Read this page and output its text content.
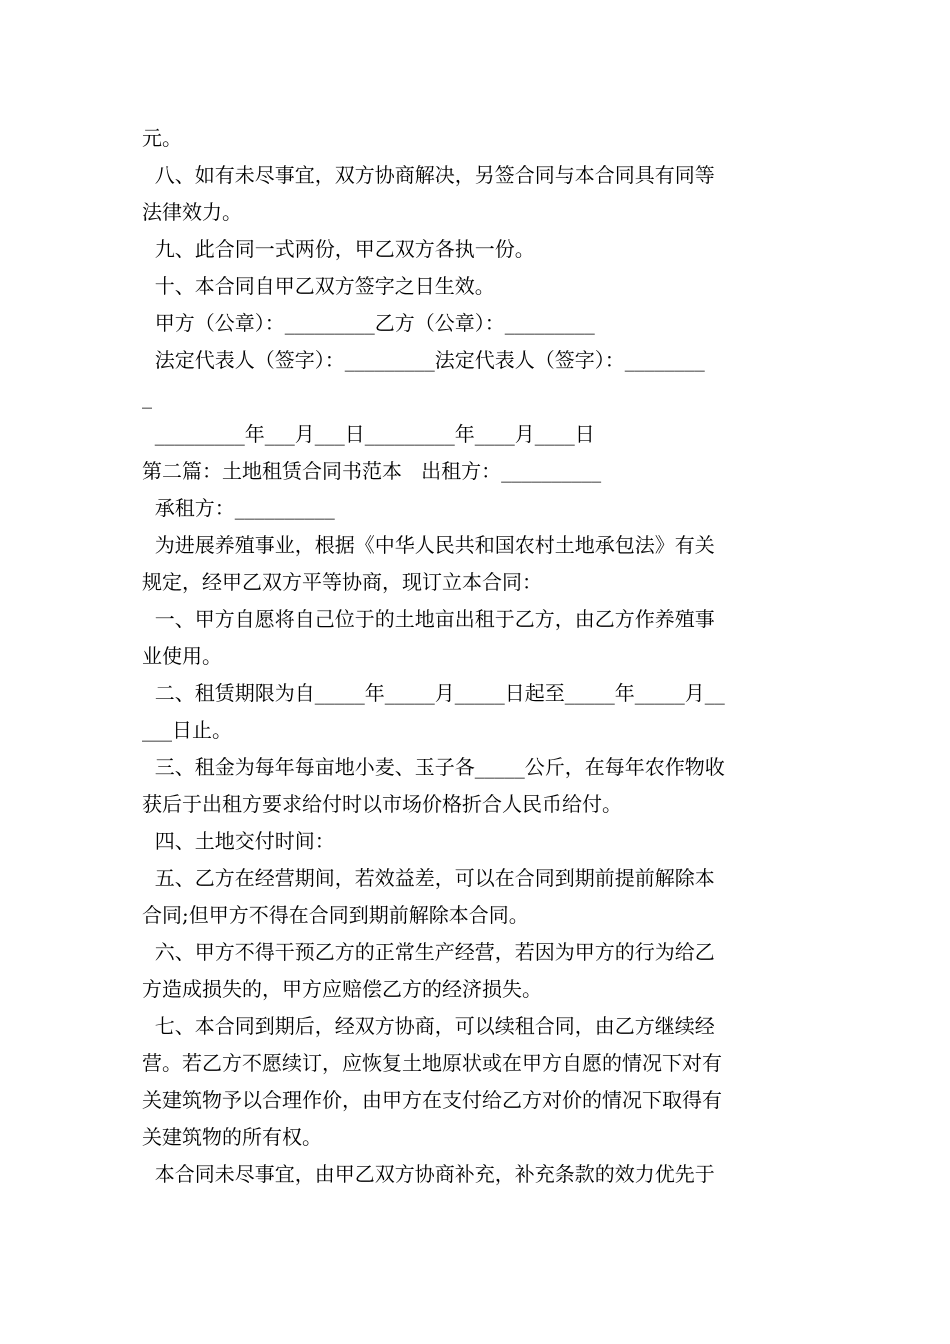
元。
八、如有未尽事宜，双方协商解决，另签合同与本合同具有同等
法律效力。
九、此合同一式两份，甲乙双方各执一份。
十、本合同自甲乙双方签字之日生效。
甲方（公章）：_________乙方（公章）：_________
法定代表人（签字）：_________法定代表人（签字）：________
_
_________年___月___日_________年____月____日
第二篇：土地租赁合同书范本   出租方：__________
承租方：__________
为进展养殖事业，根据《中华人民共和国农村土地承包法》有关
规定，经甲乙双方平等协商，现订立本合同：
一、甲方自愿将自己位于的土地亩出租于乙方，由乙方作养殖事
业使用。
二、租赁期限为自_____年_____月_____日起至_____年_____月__
___日止。
三、租金为每年每亩地小麦、玉子各_____公斤，在每年农作物收
获后于出租方要求给付时以市场价格折合人民币给付。
四、土地交付时间：
五、乙方在经营期间，若效益差，可以在合同到期前提前解除本
合同;但甲方不得在合同到期前解除本合同。
六、甲方不得干预乙方的正常生产经营，若因为甲方的行为给乙
方造成损失的，甲方应赔偿乙方的经济损失。
七、本合同到期后，经双方协商，可以续租合同，由乙方继续经
营。若乙方不愿续订，应恢复土地原状或在甲方自愿的情况下对有
关建筑物予以合理作价，由甲方在支付给乙方对价的情况下取得有
关建筑物的所有权。
本合同未尽事宜，由甲乙双方协商补充，补充条款的效力优先于
